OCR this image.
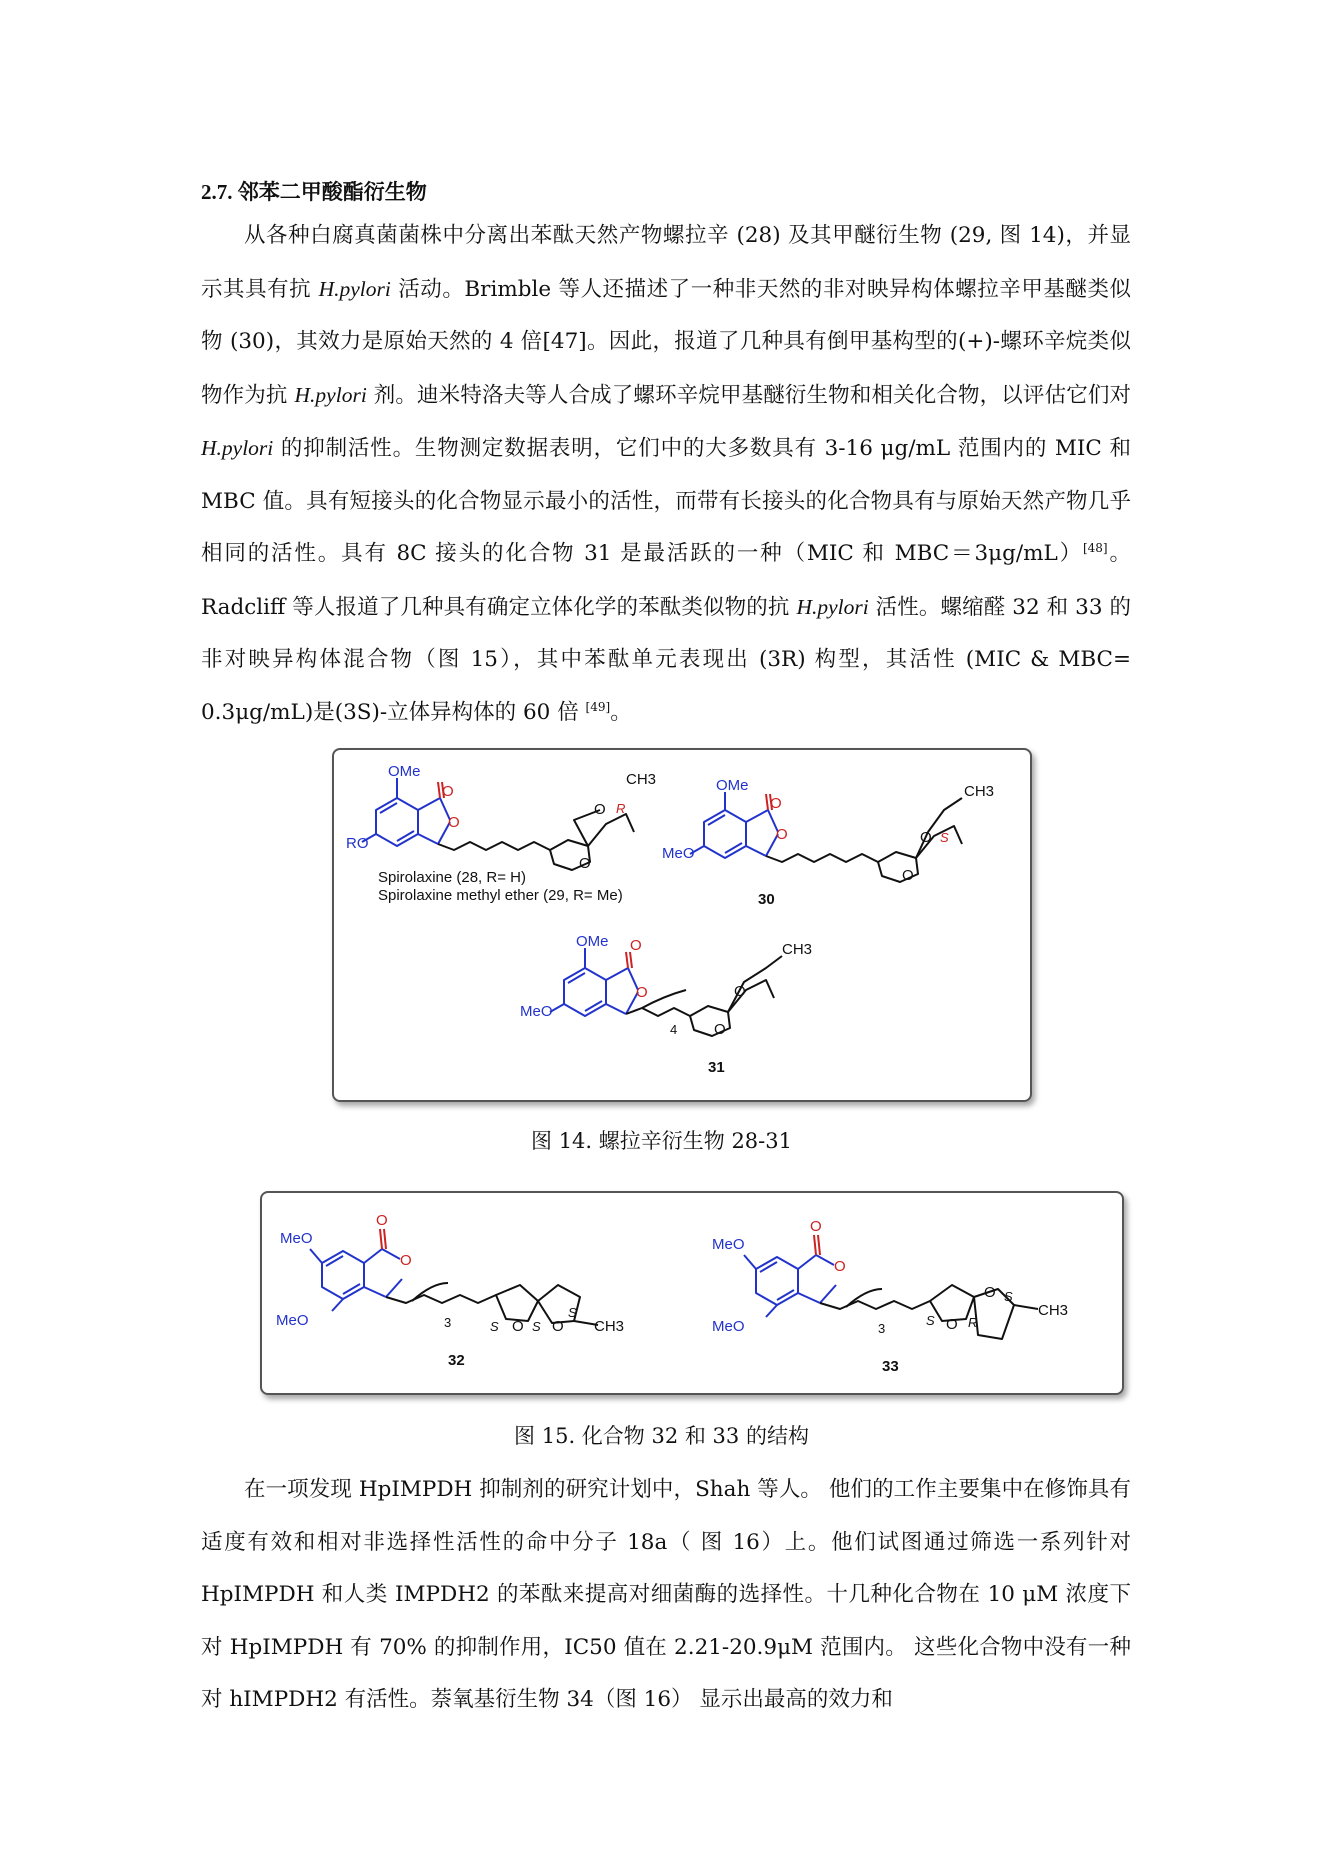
2.7. 邻苯二甲酸酯衍生物

从各种白腐真菌菌株中分离出苯酞天然产物螺拉辛 (28) 及其甲醚衍生物 (29, 图 14)，并显示其具有抗 H.pylori 活动。Brimble 等人还描述了一种非天然的非对映异构体螺拉辛甲基醚类似物 (30)，其效力是原始天然的 4 倍[47]。因此，报道了几种具有倒甲基构型的(+)-螺环辛烷类似物作为抗 H.pylori 剂。迪米特洛夫等人合成了螺环辛烷甲基醚衍生物和相关化合物，以评估它们对 H.pylori 的抑制活性。生物测定数据表明，它们中的大多数具有 3-16 μg/mL 范围内的 MIC 和 MBC 值。具有短接头的化合物显示最小的活性，而带有长接头的化合物具有与原始天然产物几乎相同的活性。具有 8C 接头的化合物 31 是最活跃的一种（MIC 和 MBC＝3μg/mL）[48]。 Radcliff 等人报道了几种具有确定立体化学的苯酞类似物的抗 H.pylori 活性。螺缩醛 32 和 33 的非对映异构体混合物（图 15），其中苯酞单元表现出 (3R) 构型，其活性 (MIC & MBC= 0.3μg/mL)是(3S)-立体异构体的 60 倍 [49]。

OMe
O
O
RO
CH3
O R
O
Spirolaxine (28, R= H)
Spirolaxine methyl ether (29, R= Me)
OMe
O
O
MeO
CH3
O S
O
30
OMe O
O
MeO
4
CH3
O
O
31
图 14. 螺拉辛衍生物 28-31
MeO
O
O
MeO	3	S O S O
S
CH3
32
MeO
O
O
MeO	3
S O R
O S
CH3
33
图 15. 化合物 32 和 33 的结构

在一项发现 HpIMPDH 抑制剂的研究计划中，Shah 等人。 他们的工作主要集中在修饰具有适度有效和相对非选择性活性的命中分子 18a（ 图 16）上。他们试图通过筛选一系列针对 HpIMPDH 和人类 IMPDH2 的苯酞来提高对细菌酶的选择性。十几种化合物在 10 μM 浓度下对 HpIMPDH 有 70% 的抑制作用，IC50 值在 2.21-20.9μM 范围内。 这些化合物中没有一种对 hIMPDH2 有活性。萘氧基衍生物 34（图 16） 显示出最高的效力和
